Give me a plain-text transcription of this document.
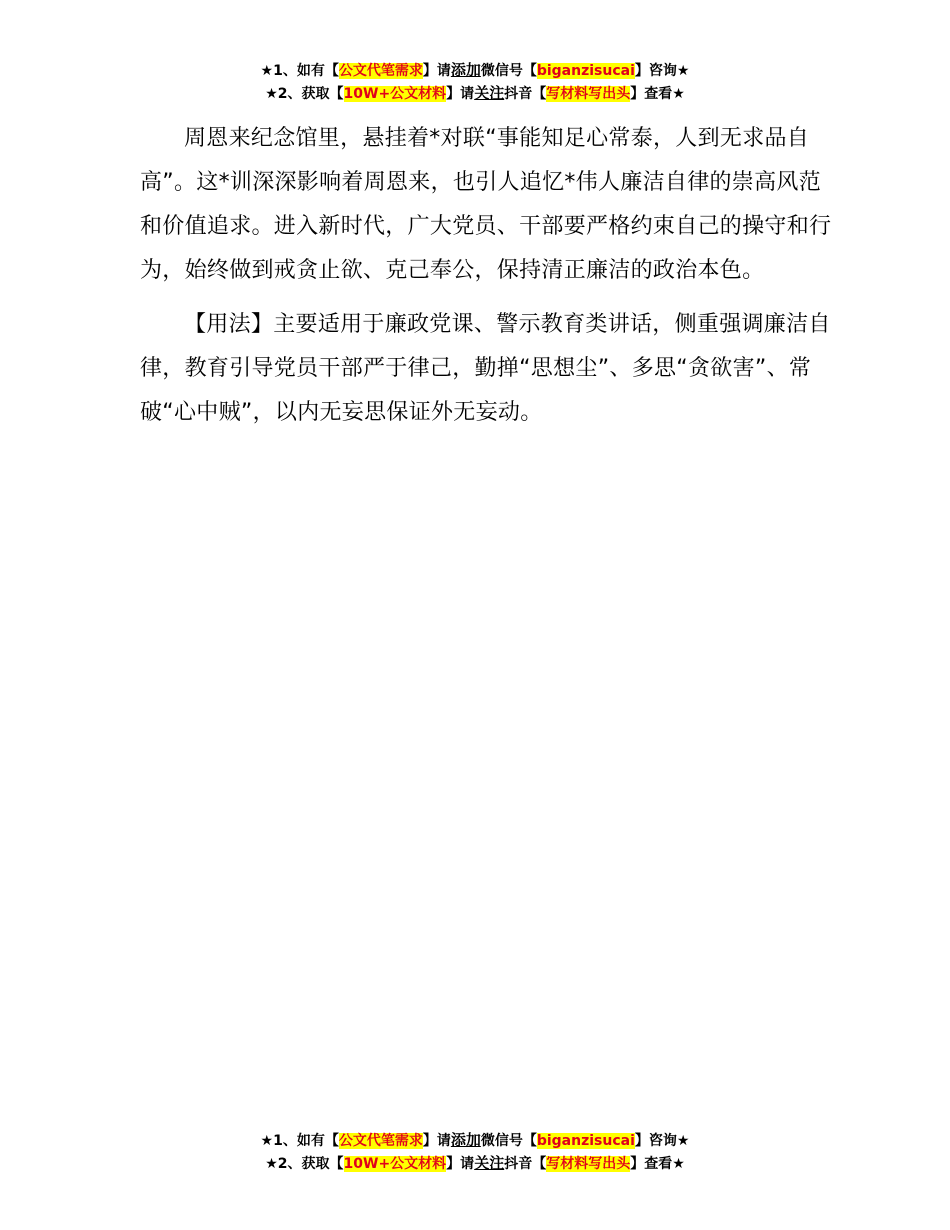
★1、如有【公文代笔需求】请添加微信号【biganzisucai】咨询★
★2、获取【10W+公文材料】请关注抖音【写材料写出头】查看★

周恩来纪念馆里，悬挂着*对联“事能知足心常泰，人到无求品自高”。这*训深深影响着周恩来，也引人追忆*伟人廉洁自律的崇高风范和价值追求。进入新时代，广大党员、干部要严格约束自己的操守和行为，始终做到戒贪止欲、克己奉公，保持清正廉洁的政治本色。

【用法】主要适用于廉政党课、警示教育类讲话，侧重强调廉洁自律，教育引导党员干部严于律己，勤掸“思想尘”、多思“贪欲害”、常破“心中贼”，以内无妄思保证外无妄动。

★1、如有【公文代笔需求】请添加微信号【biganzisucai】咨询★
★2、获取【10W+公文材料】请关注抖音【写材料写出头】查看★
